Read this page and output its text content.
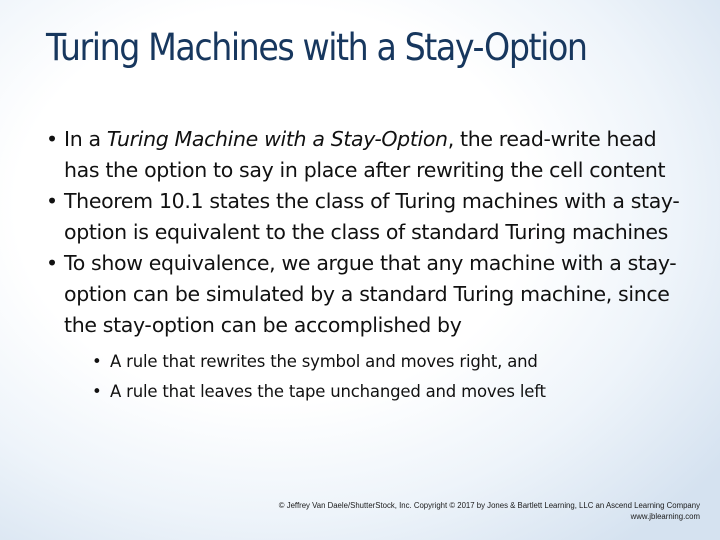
Turing Machines with a Stay-Option
• In a Turing Machine with a Stay-Option, the read-write head has the option to say in place after rewriting the cell content
• Theorem 10.1 states the class of Turing machines with a stay-option is equivalent to the class of standard Turing machines
• To show equivalence, we argue that any machine with a stay-option can be simulated by a standard Turing machine, since the stay-option can be accomplished by
• A rule that rewrites the symbol and moves right, and
• A rule that leaves the tape unchanged and moves left
© Jeffrey Van Daele/ShutterStock, Inc. Copyright © 2017 by Jones & Bartlett Learning, LLC an Ascend Learning Company
www.jblearning.com
